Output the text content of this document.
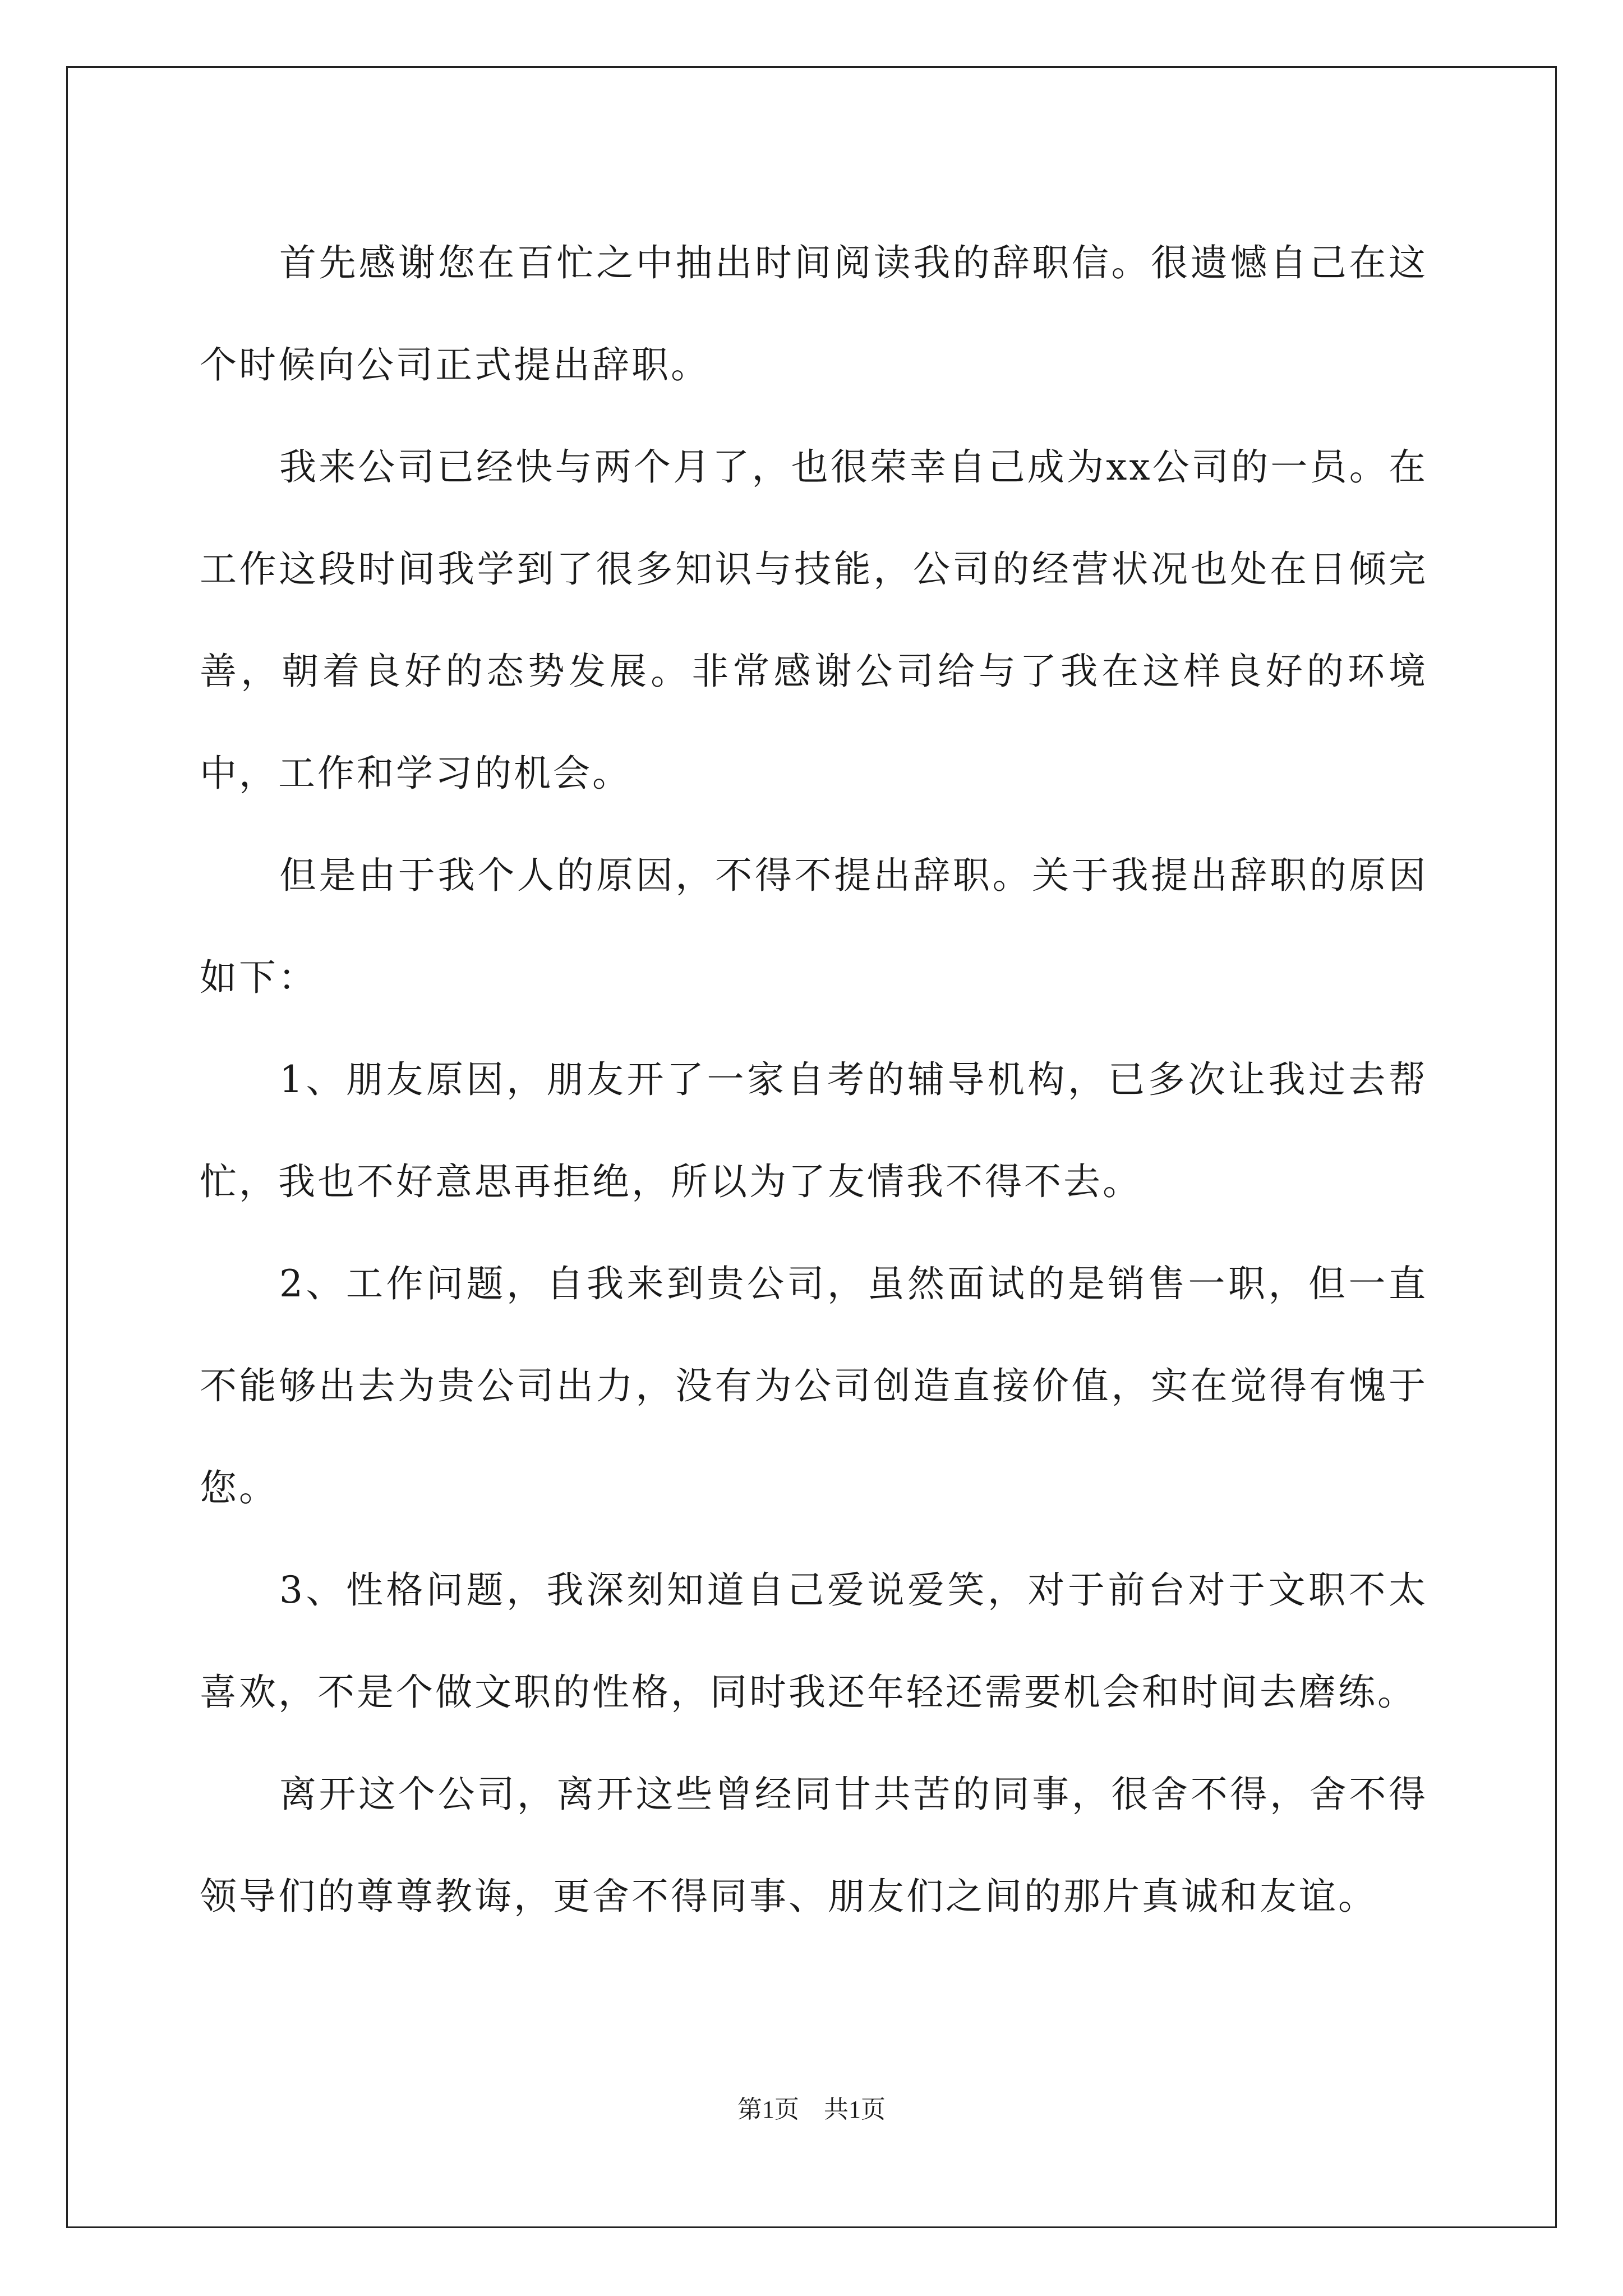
首先感谢您在百忙之中抽出时间阅读我的辞职信。很遗憾自己在这个时候向公司正式提出辞职。

我来公司已经快与两个月了，也很荣幸自己成为xx公司的一员。在工作这段时间我学到了很多知识与技能，公司的经营状况也处在日倾完善，朝着良好的态势发展。非常感谢公司给与了我在这样良好的环境中，工作和学习的机会。

但是由于我个人的原因，不得不提出辞职。关于我提出辞职的原因如下：

1、朋友原因，朋友开了一家自考的辅导机构，已多次让我过去帮忙，我也不好意思再拒绝，所以为了友情我不得不去。

2、工作问题，自我来到贵公司，虽然面试的是销售一职，但一直不能够出去为贵公司出力，没有为公司创造直接价值，实在觉得有愧于您。

3、性格问题，我深刻知道自己爱说爱笑，对于前台对于文职不太喜欢，不是个做文职的性格，同时我还年轻还需要机会和时间去磨练。

离开这个公司，离开这些曾经同甘共苦的同事，很舍不得，舍不得领导们的尊尊教诲，更舍不得同事、朋友们之间的那片真诚和友谊。

第1页 共1页
